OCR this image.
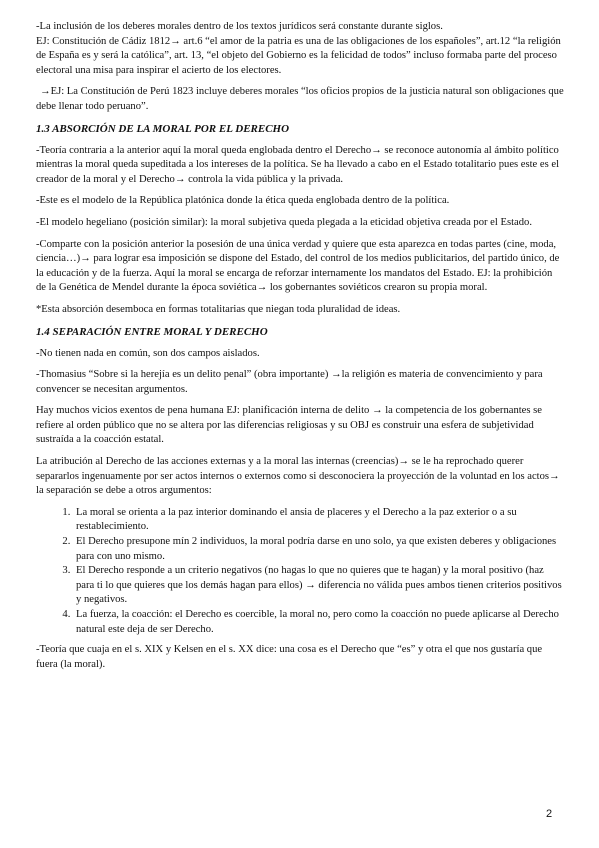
-La inclusión de los deberes morales dentro de los textos jurídicos será constante durante siglos.

EJ: Constitución de Cádiz 1812→ art.6 “el amor de la patria es una de las obligaciones de los españoles”, art.12 “la religión de España es y será la católica”, art. 13, “el objeto del Gobierno es la felicidad de todos” incluso formaba parte del proceso electoral una misa para inspirar el acierto de los electores.

→EJ: La Constitución de Perú 1823 incluye deberes morales “los oficios propios de la justicia natural son obligaciones que debe llenar todo peruano”.

1.3 ABSORCIÓN DE LA MORAL POR EL DERECHO

-Teoría contraria a la anterior aquí la moral queda englobada dentro el Derecho→ se reconoce autonomía al ámbito político mientras la moral queda supeditada a los intereses de la política. Se ha llevado a cabo en el Estado totalitario pues este es el creador de la moral y el Derecho→ controla la vida pública y la privada.

-Este es el modelo de la República platónica donde la ética queda englobada dentro de la política.

-El modelo hegeliano (posición similar): la moral subjetiva queda plegada a la eticidad objetiva creada por el Estado.

-Comparte con la posición anterior la posesión de una única verdad y quiere que esta aparezca en todas partes (cine, moda, ciencia…)→ para lograr esa imposición se dispone del Estado, del control de los medios publicitarios, del partido único, de la educación y de la fuerza. Aquí la moral se encarga de reforzar internamente los mandatos del Estado. EJ: la prohibición de la Genética de Mendel durante la época soviética→ los gobernantes soviéticos crearon su propia moral.

*Esta absorción desemboca en formas totalitarias que niegan toda pluralidad de ideas.

1.4 SEPARACIÓN ENTRE MORAL Y DERECHO

-No tienen nada en común, son dos campos aislados.

-Thomasius “Sobre si la herejía es un delito penal” (obra importante) →la religión es materia de convencimiento y para convencer se necesitan argumentos.

Hay muchos vicios exentos de pena humana EJ: planificación interna de delito → la competencia de los gobernantes se refiere al orden público que no se altera por las diferencias religiosas y su OBJ es construir una esfera de subjetividad sustraída a la coacción estatal.

La atribución al Derecho de las acciones externas y a la moral las internas (creencias)→ se le ha reprochado querer separarlos ingenuamente por ser actos internos o externos como si desconociera la proyección de la voluntad en los actos→ la separación se debe a otros argumentos:

1. La moral se orienta a la paz interior dominando el ansia de placeres y el Derecho a la paz exterior o a su restablecimiento.
2. El Derecho presupone mín 2 individuos, la moral podría darse en uno solo, ya que existen deberes y obligaciones para con uno mismo.
3. El Derecho responde a un criterio negativos (no hagas lo que no quieres que te hagan) y la moral positivo (haz para ti lo que quieres que los demás hagan para ellos) → diferencia no válida pues ambos tienen criterios positivos y negativos.
4. La fuerza, la coacción: el Derecho es coercible, la moral no, pero como la coacción no puede aplicarse al Derecho natural este deja de ser Derecho.

-Teoría que cuaja en el s. XIX y Kelsen en el s. XX dice: una cosa es el Derecho que “es” y otra el que nos gustaría que fuera (la moral).

2
